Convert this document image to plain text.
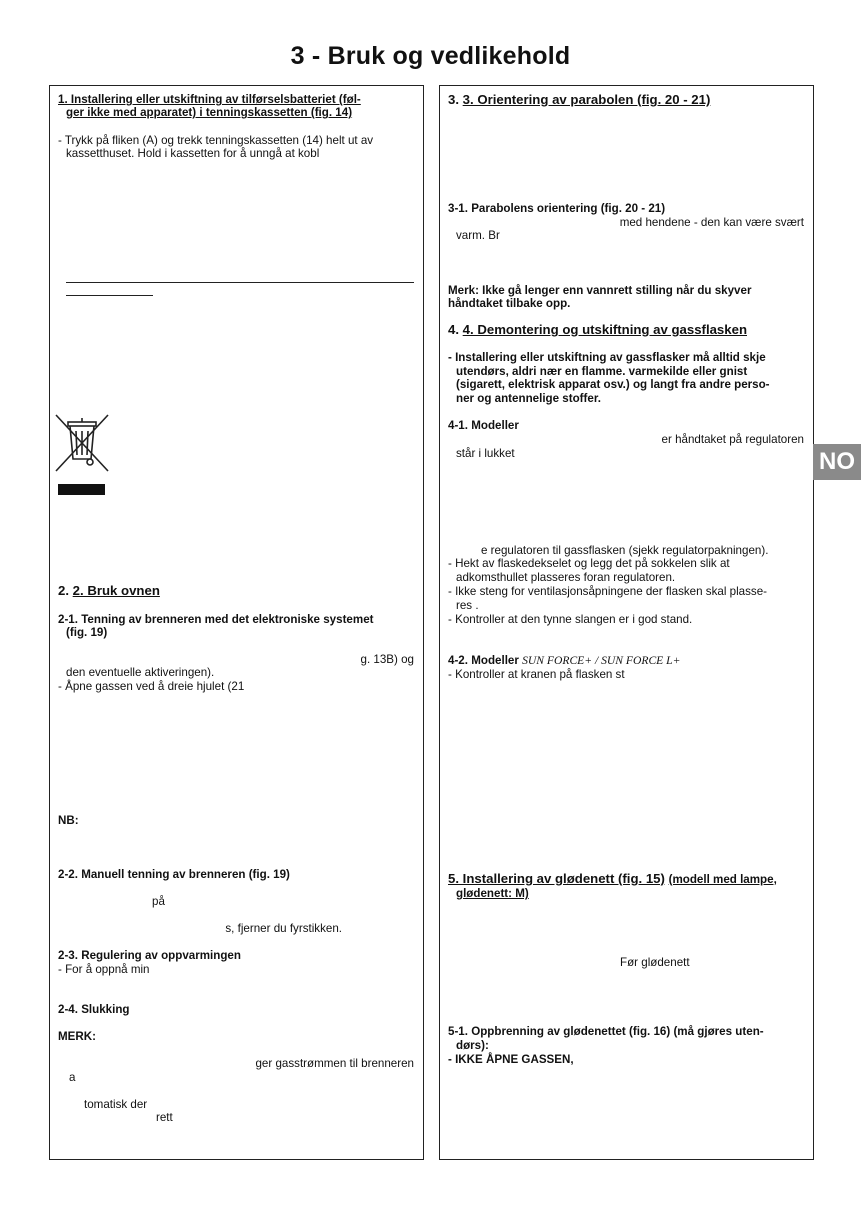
3 - Bruk og vedlikehold
1. Installering eller utskiftning av tilførselsbatteriet (føl-
ger ikke med apparatet) i tenningskassetten (fig. 14)
- Trykk på fliken (A) og trekk tenningskassetten (14) helt ut av
kassetthuset. Hold i kassetten for å unngå at kobl
2. 2. Bruk ovnen
2-1. Tenning av brenneren med det elektroniske systemet
(fig. 19)
g. 13B) og
den eventuelle aktiveringen).
- Åpne gassen ved å dreie hjulet (21
NB:
2-2. Manuell tenning av brenneren (fig. 19)
på
s, fjerner du fyrstikken.
2-3. Regulering av oppvarmingen
- For å oppnå min
2-4. Slukking
MERK:
ger gasstrømmen til brenneren
a
tomatisk der
rett
3. 3. Orientering av parabolen (fig. 20 - 21)
3-1. Parabolens orientering (fig. 20 - 21)
med hendene - den kan være svært
varm. Br
Merk: Ikke gå lenger enn vannrett stilling når du skyver
håndtaket tilbake opp.
4. 4. Demontering og utskiftning av gassflasken
- Installering eller utskiftning av gassflasker må alltid skje
utendørs, aldri nær en flamme. varmekilde eller gnist
(sigarett, elektrisk apparat osv.) og langt fra andre perso-
ner og antennelige stoffer.
4-1. Modeller
er håndtaket på regulatoren
står i lukket
e regulatoren til gassflasken (sjekk regulatorpakningen).
- Hekt av flaskedekselet og legg det på sokkelen slik at
adkomsthullet plasseres foran regulatoren.
- Ikke steng for ventilasjonsåpningene der flasken skal plasse-
res .
- Kontroller at den tynne slangen er i god stand.
4-2. Modeller SUN FORCE+ / SUN FORCE L+
- Kontroller at kranen på flasken st
5. Installering av glødenett (fig. 15) (modell med lampe,
glødenett: M)
Før glødenett
5-1. Oppbrenning av glødenettet (fig. 16) (må gjøres uten-
dørs):
- IKKE ÅPNE GASSEN,
NO
